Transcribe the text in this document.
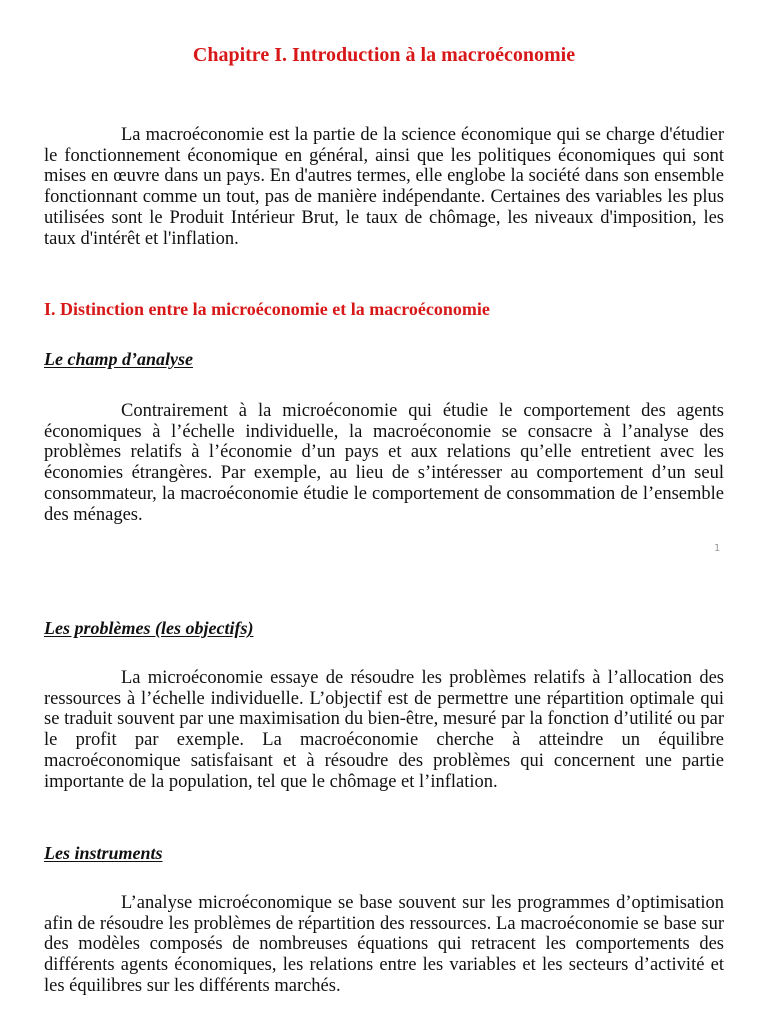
Chapitre I. Introduction à la macroéconomie

La macroéconomie est la partie de la science économique qui se charge d'étudier le fonctionnement économique en général, ainsi que les politiques économiques qui sont mises en œuvre dans un pays. En d'autres termes, elle englobe la société dans son ensemble fonctionnant comme un tout, pas de manière indépendante. Certaines des variables les plus utilisées sont le Produit Intérieur Brut, le taux de chômage, les niveaux d'imposition, les taux d'intérêt et l'inflation.

I. Distinction entre la microéconomie et la macroéconomie
Le champ d’analyse

Contrairement à la microéconomie qui étudie le comportement des agents économiques à l’échelle individuelle, la macroéconomie se consacre à l’analyse des problèmes relatifs à l’économie d’un pays et aux relations qu’elle entretient avec les économies étrangères. Par exemple, au lieu de s’intéresser au comportement d’un seul consommateur, la macroéconomie étudie le comportement de consommation de l’ensemble des ménages.

1
Les problèmes (les objectifs)

La microéconomie essaye de résoudre les problèmes relatifs à l’allocation des ressources à l’échelle individuelle. L’objectif est de permettre une répartition optimale qui se traduit souvent par une maximisation du bien-être, mesuré par la fonction d’utilité ou par le profit par exemple. La macroéconomie cherche à atteindre un équilibre macroéconomique satisfaisant et à résoudre des problèmes qui concernent une partie importante de la population, tel que le chômage et l’inflation.

Les instruments

L’analyse microéconomique se base souvent sur les programmes d’optimisation afin de résoudre les problèmes de répartition des ressources. La macroéconomie se base sur des modèles composés de nombreuses équations qui retracent les comportements des différents agents économiques, les relations entre les variables et les secteurs d’activité et les équilibres sur les différents marchés.
